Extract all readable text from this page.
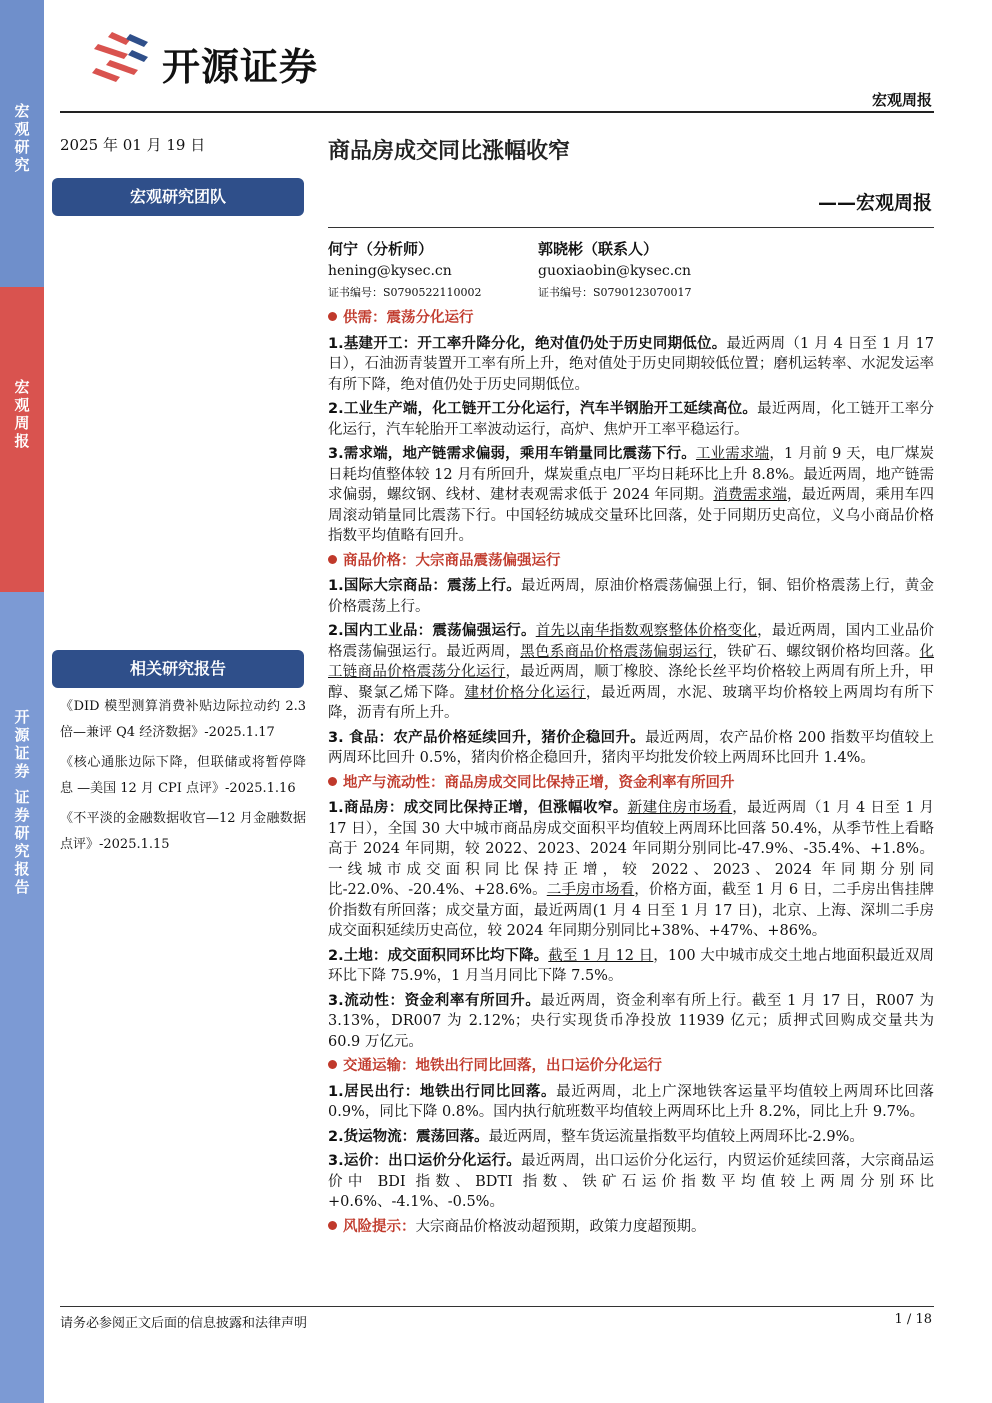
宏
观
研
究
宏
观
周
报
开
源
证
券

证
券
研
究
报
告
开源证券
宏观周报
2025 年 01 月 19 日	商品房成交同比涨幅收窄
——宏观周报
宏观研究团队
何宁（分析师）
hening@kysec.cn
证书编号：S0790522110002
郭晓彬（联系人）
guoxiaobin@kysec.cn
证书编号：S0790123070017
相关研究报告

《DID 模型测算消费补贴边际拉动约 2.3 倍—兼评 Q4 经济数据》-2025.1.17

《核心通胀边际下降，但联储或将暂停降息 —美国 12 月 CPI 点评》-2025.1.16

《不平淡的金融数据收官—12 月金融数据点评》-2025.1.15

供需：震荡分化运行

1.基建开工：开工率升降分化，绝对值仍处于历史同期低位。最近两周（1 月 4 日至 1 月 17 日），石油沥青装置开工率有所上升，绝对值处于历史同期较低位置；磨机运转率、水泥发运率有所下降，绝对值仍处于历史同期低位。

2.工业生产端，化工链开工分化运行，汽车半钢胎开工延续高位。最近两周，化工链开工率分化运行，汽车轮胎开工率波动运行，高炉、焦炉开工率平稳运行。

3.需求端，地产链需求偏弱，乘用车销量同比震荡下行。工业需求端，1 月前 9 天，电厂煤炭日耗均值整体较 12 月有所回升，煤炭重点电厂平均日耗环比上升 8.8%。最近两周，地产链需求偏弱，螺纹钢、线材、建材表观需求低于 2024 年同期。消费需求端，最近两周，乘用车四周滚动销量同比震荡下行。中国轻纺城成交量环比回落，处于同期历史高位，义乌小商品价格指数平均值略有回升。

商品价格：大宗商品震荡偏强运行

1.国际大宗商品：震荡上行。最近两周，原油价格震荡偏强上行，铜、铝价格震荡上行，黄金价格震荡上行。

2.国内工业品：震荡偏强运行。首先以南华指数观察整体价格变化，最近两周，国内工业品价格震荡偏强运行。最近两周，黑色系商品价格震荡偏弱运行，铁矿石、螺纹钢价格均回落。化工链商品价格震荡分化运行，最近两周，顺丁橡胶、涤纶长丝平均价格较上两周有所上升，甲醇、聚氯乙烯下降。建材价格分化运行，最近两周，水泥、玻璃平均价格较上两周均有所下降，沥青有所上升。

3. 食品：农产品价格延续回升，猪价企稳回升。最近两周，农产品价格 200 指数平均值较上两周环比回升 0.5%，猪肉价格企稳回升，猪肉平均批发价较上两周环比回升 1.4%。

地产与流动性：商品房成交同比保持正增，资金利率有所回升

1.商品房：成交同比保持正增，但涨幅收窄。新建住房市场看，最近两周（1 月 4 日至 1 月 17 日），全国 30 大中城市商品房成交面积平均值较上两周环比回落 50.4%，从季节性上看略高于 2024 年同期，较 2022、2023、2024 年同期分别同比-47.9%、-35.4%、+1.8%。一线城市成交面积同比保持正增，较 2022、2023、2024 年同期分别同比-22.0%、-20.4%、+28.6%。二手房市场看，价格方面，截至 1 月 6 日，二手房出售挂牌价指数有所回落；成交量方面，最近两周(1 月 4 日至 1 月 17 日)，北京、上海、深圳二手房成交面积延续历史高位，较 2024 年同期分别同比+38%、+47%、+86%。

2.土地：成交面积同环比均下降。截至 1 月 12 日，100 大中城市成交土地占地面积最近双周环比下降 75.9%，1 月当月同比下降 7.5%。

3.流动性：资金利率有所回升。最近两周，资金利率有所上行。截至 1 月 17 日，R007 为 3.13%，DR007 为 2.12%；央行实现货币净投放 11939 亿元；质押式回购成交量共为 60.9 万亿元。

交通运输：地铁出行同比回落，出口运价分化运行

1.居民出行：地铁出行同比回落。最近两周，北上广深地铁客运量平均值较上两周环比回落 0.9%，同比下降 0.8%。国内执行航班数平均值较上两周环比上升 8.2%，同比上升 9.7%。

2.货运物流：震荡回落。最近两周，整车货运流量指数平均值较上两周环比-2.9%。

3.运价：出口运价分化运行。最近两周，出口运价分化运行，内贸运价延续回落，大宗商品运价中 BDI 指数、BDTI 指数、铁矿石运价指数平均值较上两周分别环比+0.6%、-4.1%、-0.5%。

风险提示：大宗商品价格波动超预期，政策力度超预期。

请务必参阅正文后面的信息披露和法律声明	1 / 18
